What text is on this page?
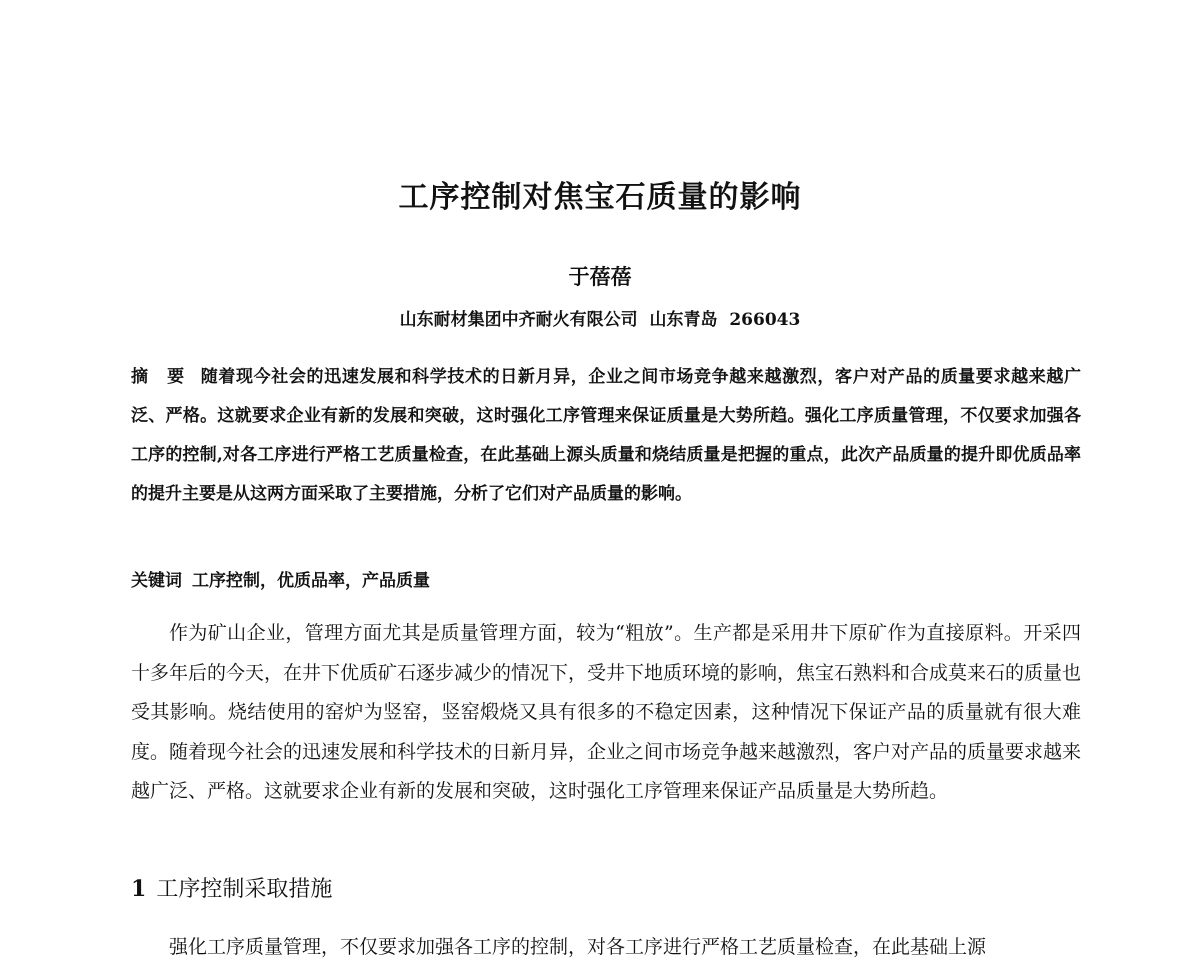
工序控制对焦宝石质量的影响
于蓓蓓
山东耐材集团中齐耐火有限公司  山东青岛  266043

摘 要 随着现今社会的迅速发展和科学技术的日新月异，企业之间市场竞争越来越激烈，客户对产品的质量要求越来越广泛、严格。这就要求企业有新的发展和突破，这时强化工序管理来保证质量是大势所趋。强化工序质量管理，不仅要求加强各工序的控制,对各工序进行严格工艺质量检查，在此基础上源头质量和烧结质量是把握的重点，此次产品质量的提升即优质品率的提升主要是从这两方面采取了主要措施，分析了它们对产品质量的影响。

关键词 工序控制，优质品率，产品质量

作为矿山企业，管理方面尤其是质量管理方面，较为“粗放”。生产都是采用井下原矿作为直接原料。开采四十多年后的今天，在井下优质矿石逐步减少的情况下，受井下地质环境的影响，焦宝石熟料和合成莫来石的质量也受其影响。烧结使用的窑炉为竖窑，竖窑煅烧又具有很多的不稳定因素，这种情况下保证产品的质量就有很大难度。随着现今社会的迅速发展和科学技术的日新月异，企业之间市场竞争越来越激烈，客户对产品的质量要求越来越广泛、严格。这就要求企业有新的发展和突破，这时强化工序管理来保证产品质量是大势所趋。

1 工序控制采取措施

强化工序质量管理，不仅要求加强各工序的控制，对各工序进行严格工艺质量检查，在此基础上源
